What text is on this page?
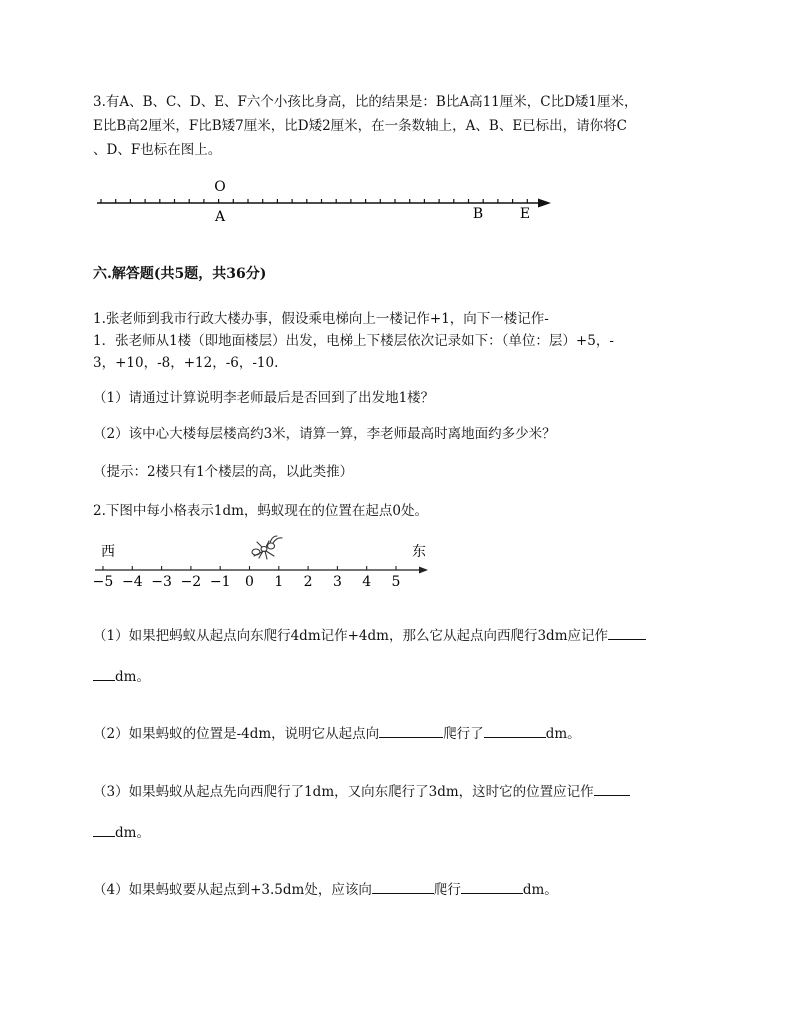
3.有A、B、C、D、E、F六个小孩比身高，比的结果是：B比A高11厘米，C比D矮1厘米，
E比B高2厘米，F比B矮7厘米，比D矮2厘米，在一条数轴上，A、B、E已标出，请你将C
、D、F也标在图上。
O
A	B	E
西	东
−5 −4 −3 −2 −1 0 1 2 3 4 5
六.解答题(共5题，共36分)
1.张老师到我市行政大楼办事，假设乘电梯向上一楼记作+1，向下一楼记作-
1．张老师从1楼（即地面楼层）出发，电梯上下楼层依次记录如下：（单位：层）+5，-
3，+10，-8，+12，-6，-10.
（1）请通过计算说明李老师最后是否回到了出发地1楼？
（2）该中心大楼每层楼高约3米，请算一算，李老师最高时离地面约多少米？
（提示：2楼只有1个楼层的高，以此类推）
2.下图中每小格表示1dm，蚂蚁现在的位置在起点0处。
（1）如果把蚂蚁从起点向东爬行4dm记作+4dm，那么它从起点向西爬行3dm应记作
dm。
（2）如果蚂蚁的位置是-4dm，说明它从起点向	爬行了	dm。
（3）如果蚂蚁从起点先向西爬行了1dm，又向东爬行了3dm，这时它的位置应记作
dm。
（4）如果蚂蚁要从起点到+3.5dm处，应该向	爬行	dm。
